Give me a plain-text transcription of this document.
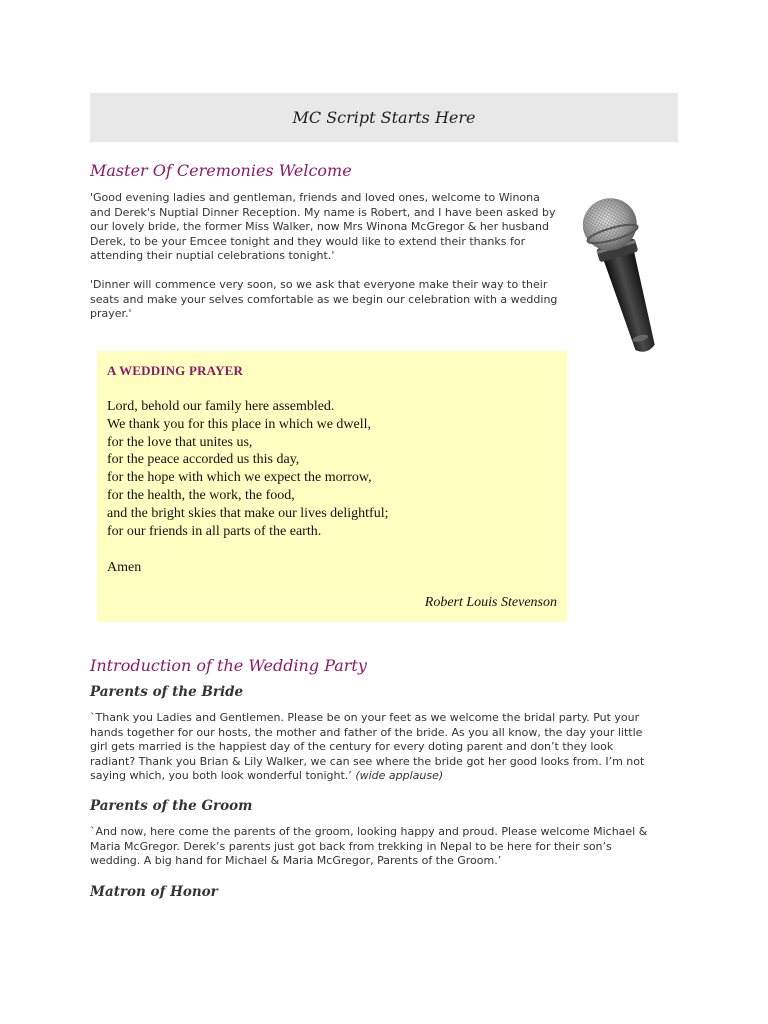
MC Script Starts Here
Master Of Ceremonies Welcome

'Good evening ladies and gentleman, friends and loved ones, welcome to Winona
and Derek's Nuptial Dinner Reception. My name is Robert, and I have been asked by
our lovely bride, the former Miss Walker, now Mrs Winona McGregor & her husband
Derek, to be your Emcee tonight and they would like to extend their thanks for
attending their nuptial celebrations tonight.'

'Dinner will commence very soon, so we ask that everyone make their way to their
seats and make your selves comfortable as we begin our celebration with a wedding
prayer.'

A WEDDING PRAYER
Lord, behold our family here assembled.
We thank you for this place in which we dwell,
for the love that unites us,
for the peace accorded us this day,
for the hope with which we expect the morrow,
for the health, the work, the food,
and the bright skies that make our lives delightful;
for our friends in all parts of the earth.
Amen
Robert Louis Stevenson
Introduction of the Wedding Party
Parents of the Bride

`Thank you Ladies and Gentlemen. Please be on your feet as we welcome the bridal party. Put your
hands together for our hosts, the mother and father of the bride. As you all know, the day your little
girl gets married is the happiest day of the century for every doting parent and don’t they look
radiant? Thank you Brian & Lily Walker, we can see where the bride got her good looks from. I’m not
saying which, you both look wonderful tonight.’ (wide applause)

Parents of the Groom

`And now, here come the parents of the groom, looking happy and proud. Please welcome Michael &
Maria McGregor. Derek’s parents just got back from trekking in Nepal to be here for their son’s
wedding. A big hand for Michael & Maria McGregor, Parents of the Groom.’

Matron of Honor
